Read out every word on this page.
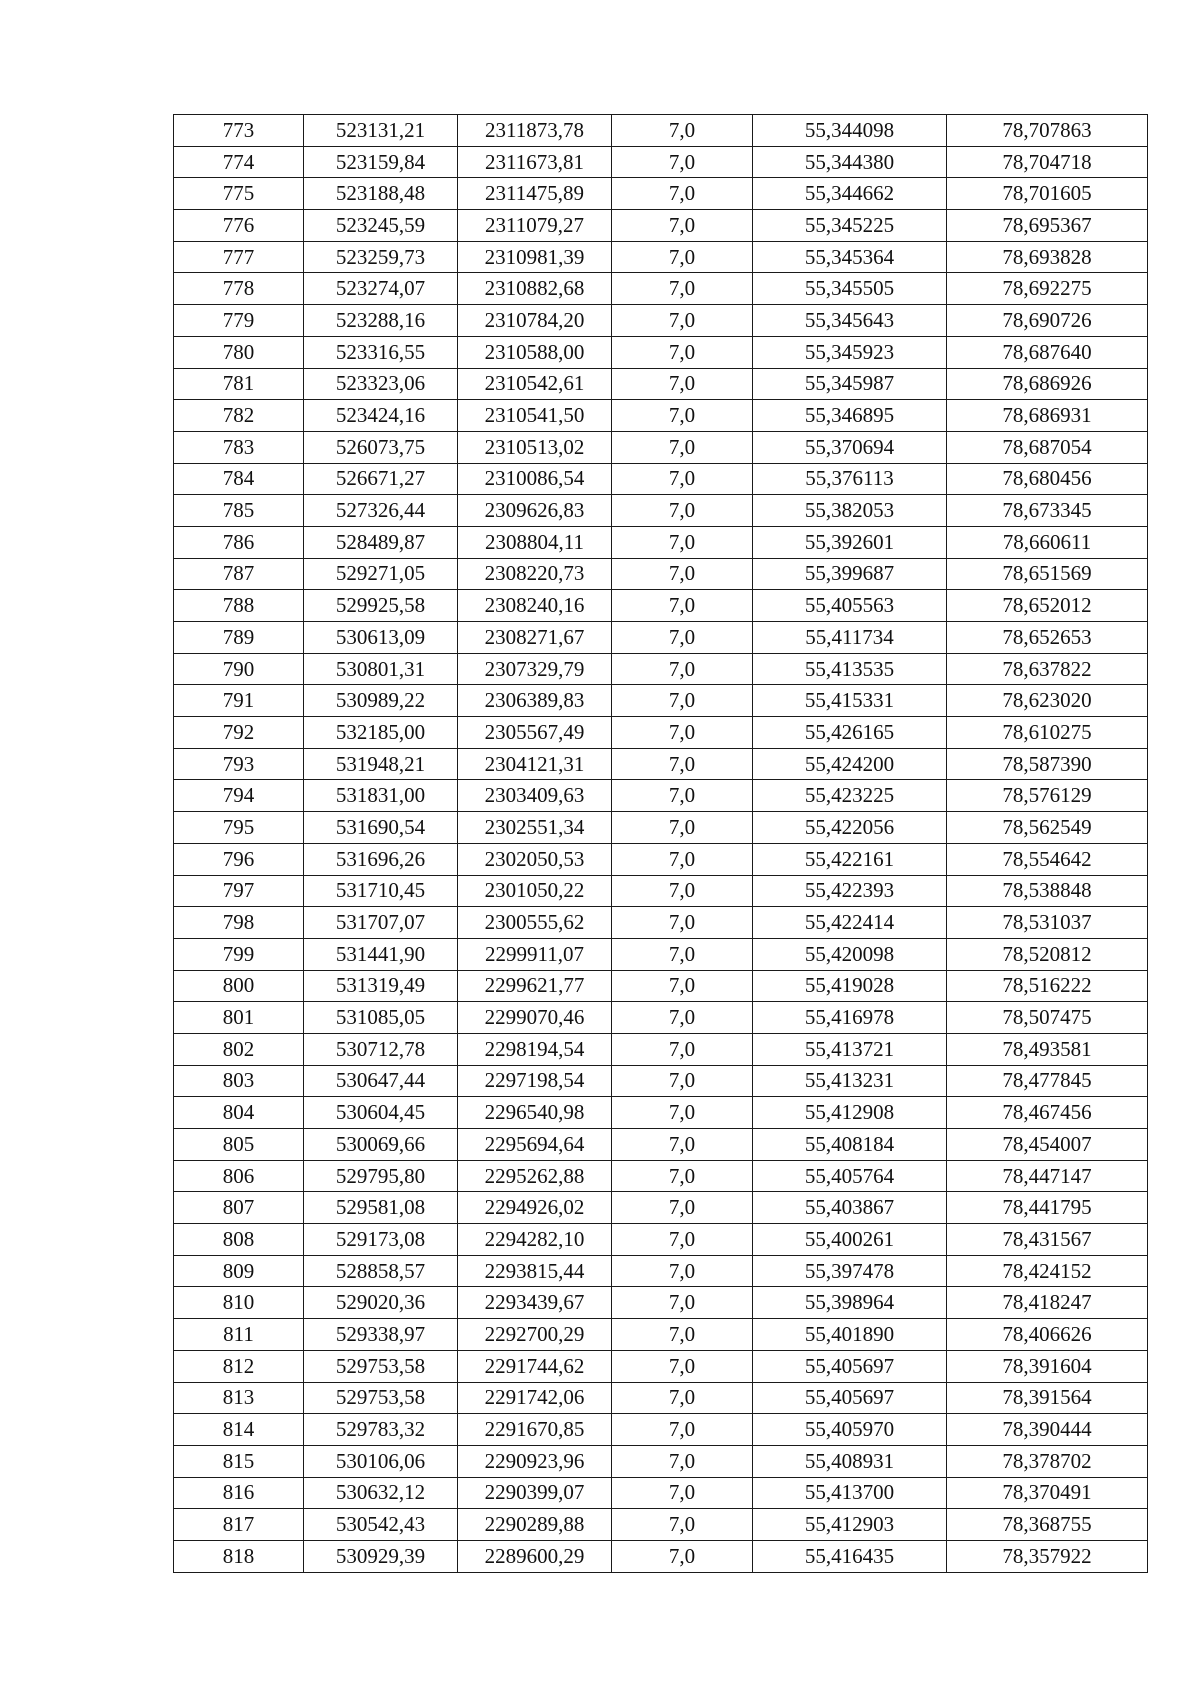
773	523131,21	2311873,78	7,0	55,344098	78,707863
774	523159,84	2311673,81	7,0	55,344380	78,704718
775	523188,48	2311475,89	7,0	55,344662	78,701605
776	523245,59	2311079,27	7,0	55,345225	78,695367
777	523259,73	2310981,39	7,0	55,345364	78,693828
778	523274,07	2310882,68	7,0	55,345505	78,692275
779	523288,16	2310784,20	7,0	55,345643	78,690726
780	523316,55	2310588,00	7,0	55,345923	78,687640
781	523323,06	2310542,61	7,0	55,345987	78,686926
782	523424,16	2310541,50	7,0	55,346895	78,686931
783	526073,75	2310513,02	7,0	55,370694	78,687054
784	526671,27	2310086,54	7,0	55,376113	78,680456
785	527326,44	2309626,83	7,0	55,382053	78,673345
786	528489,87	2308804,11	7,0	55,392601	78,660611
787	529271,05	2308220,73	7,0	55,399687	78,651569
788	529925,58	2308240,16	7,0	55,405563	78,652012
789	530613,09	2308271,67	7,0	55,411734	78,652653
790	530801,31	2307329,79	7,0	55,413535	78,637822
791	530989,22	2306389,83	7,0	55,415331	78,623020
792	532185,00	2305567,49	7,0	55,426165	78,610275
793	531948,21	2304121,31	7,0	55,424200	78,587390
794	531831,00	2303409,63	7,0	55,423225	78,576129
795	531690,54	2302551,34	7,0	55,422056	78,562549
796	531696,26	2302050,53	7,0	55,422161	78,554642
797	531710,45	2301050,22	7,0	55,422393	78,538848
798	531707,07	2300555,62	7,0	55,422414	78,531037
799	531441,90	2299911,07	7,0	55,420098	78,520812
800	531319,49	2299621,77	7,0	55,419028	78,516222
801	531085,05	2299070,46	7,0	55,416978	78,507475
802	530712,78	2298194,54	7,0	55,413721	78,493581
803	530647,44	2297198,54	7,0	55,413231	78,477845
804	530604,45	2296540,98	7,0	55,412908	78,467456
805	530069,66	2295694,64	7,0	55,408184	78,454007
806	529795,80	2295262,88	7,0	55,405764	78,447147
807	529581,08	2294926,02	7,0	55,403867	78,441795
808	529173,08	2294282,10	7,0	55,400261	78,431567
809	528858,57	2293815,44	7,0	55,397478	78,424152
810	529020,36	2293439,67	7,0	55,398964	78,418247
811	529338,97	2292700,29	7,0	55,401890	78,406626
812	529753,58	2291744,62	7,0	55,405697	78,391604
813	529753,58	2291742,06	7,0	55,405697	78,391564
814	529783,32	2291670,85	7,0	55,405970	78,390444
815	530106,06	2290923,96	7,0	55,408931	78,378702
816	530632,12	2290399,07	7,0	55,413700	78,370491
817	530542,43	2290289,88	7,0	55,412903	78,368755
818	530929,39	2289600,29	7,0	55,416435	78,357922
